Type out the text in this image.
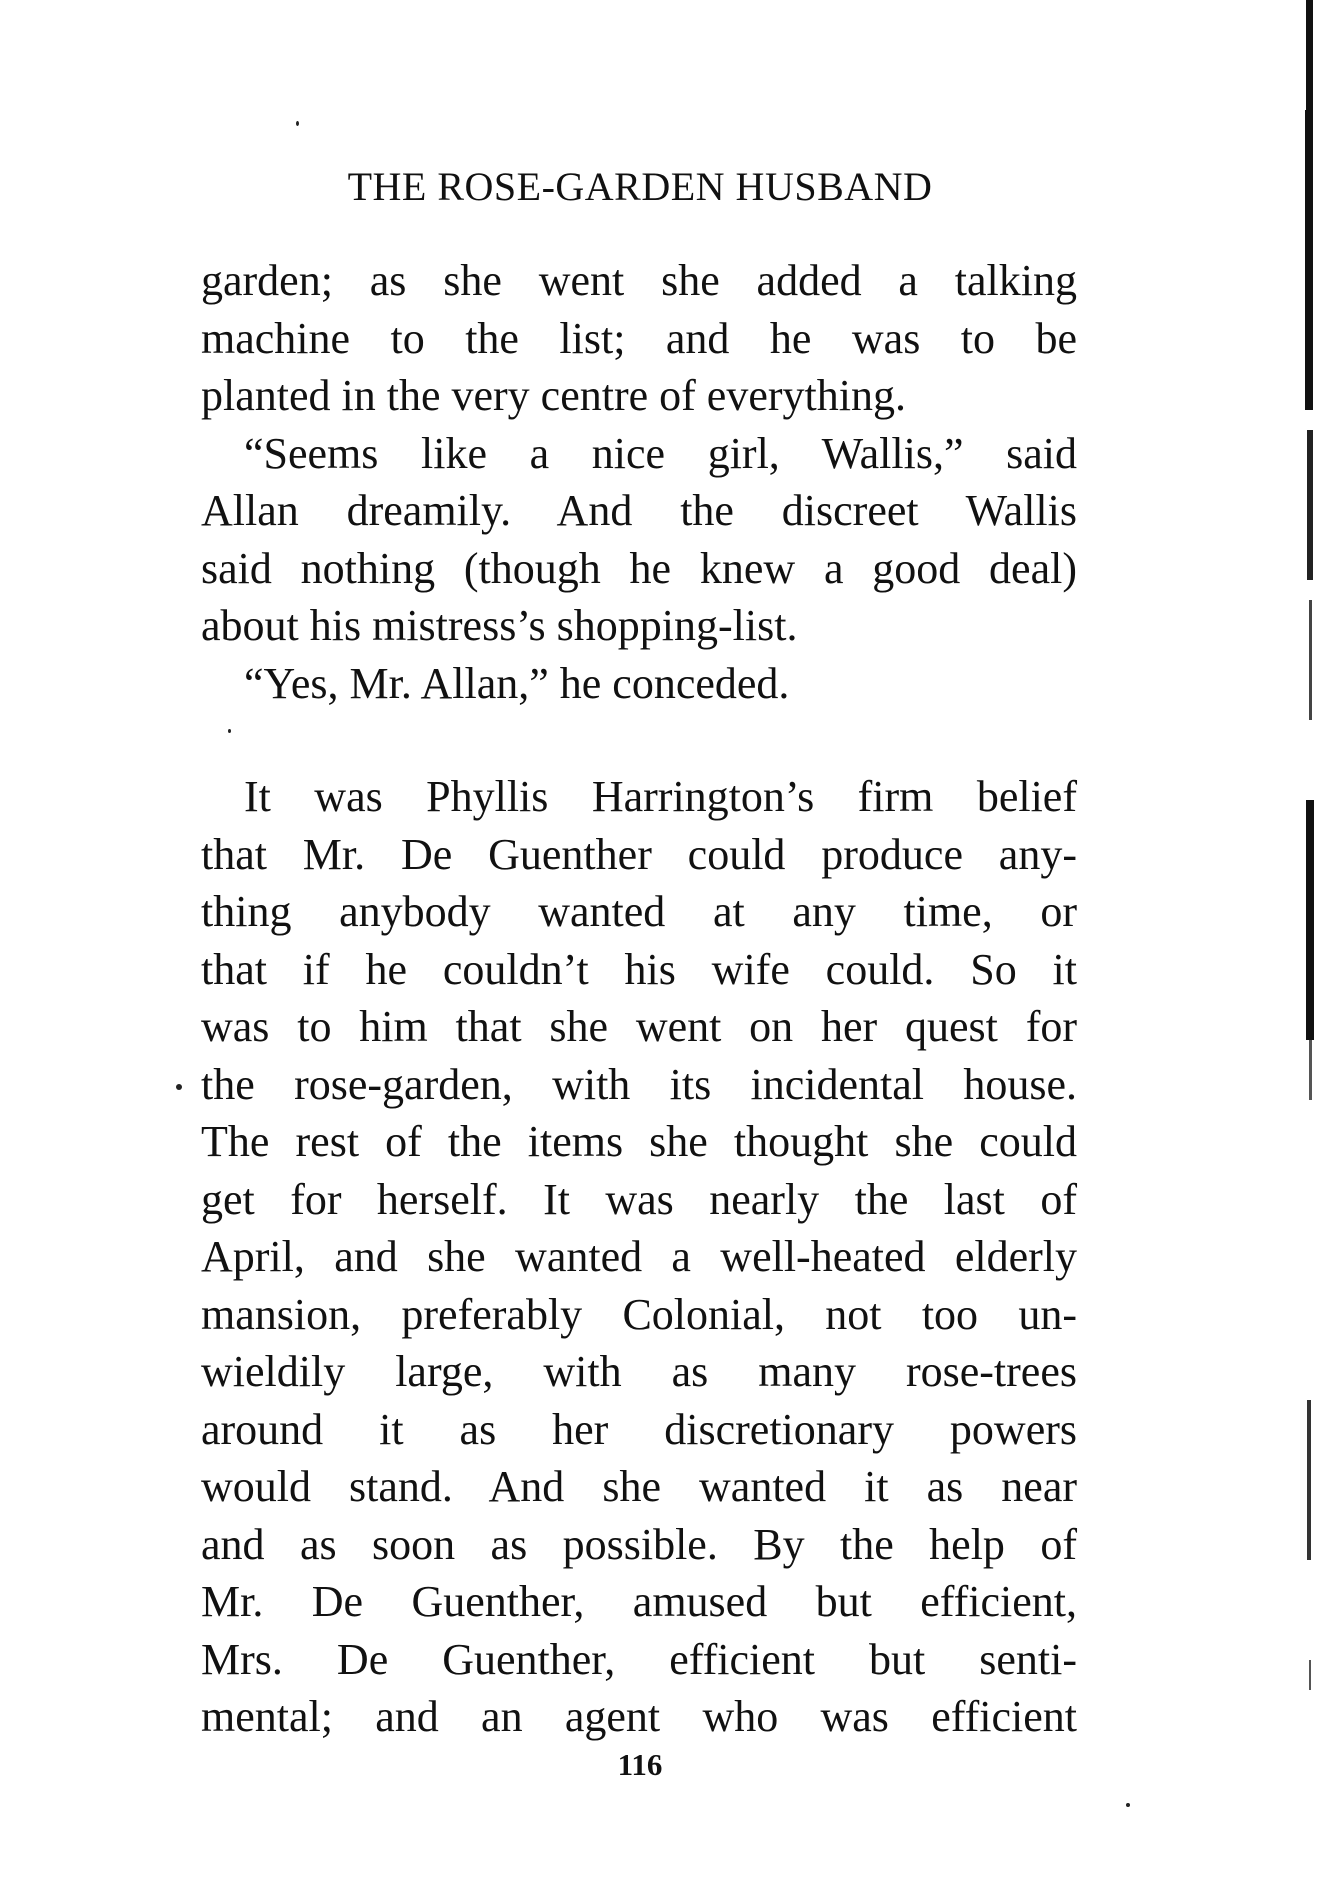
THE ROSE-GARDEN HUSBAND
garden; as she went she added a talking
machine to the list; and he was to be
planted in the very centre of everything.
“Seems like a nice girl, Wallis,” said
Allan dreamily. And the discreet Wallis
said nothing (though he knew a good deal)
about his mistress’s shopping-list.
“Yes, Mr. Allan,” he conceded.
It was Phyllis Harrington’s firm belief
that Mr. De Guenther could produce any-
thing anybody wanted at any time, or
that if he couldn’t his wife could. So it
was to him that she went on her quest for
the rose-garden, with its incidental house.
The rest of the items she thought she could
get for herself. It was nearly the last of
April, and she wanted a well-heated elderly
mansion, preferably Colonial, not too un-
wieldily large, with as many rose-trees
around it as her discretionary powers
would stand. And she wanted it as near
and as soon as possible. By the help of
Mr. De Guenther, amused but efficient,
Mrs. De Guenther, efficient but senti-
mental; and an agent who was efficient
116
